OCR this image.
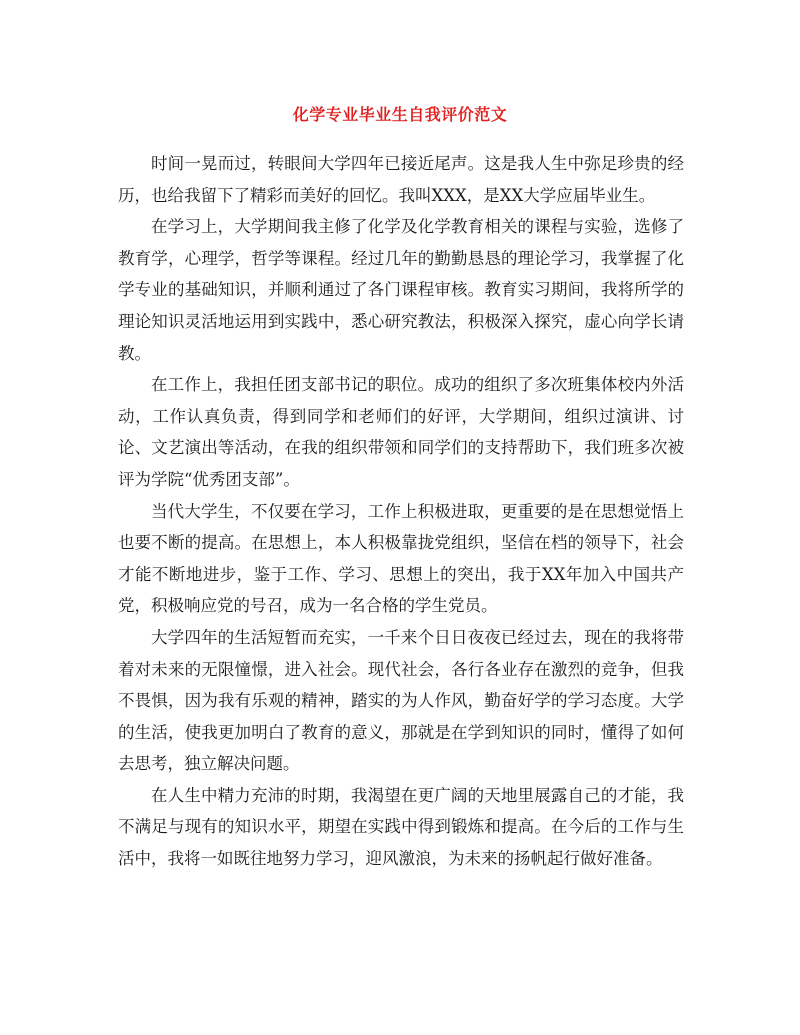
化学专业毕业生自我评价范文

时间一晃而过，转眼间大学四年已接近尾声。这是我人生中弥足珍贵的经历，也给我留下了精彩而美好的回忆。我叫XXX，是XX大学应届毕业生。

在学习上，大学期间我主修了化学及化学教育相关的课程与实验，选修了教育学，心理学，哲学等课程。经过几年的勤勤恳恳的理论学习，我掌握了化学专业的基础知识，并顺利通过了各门课程审核。教育实习期间，我将所学的理论知识灵活地运用到实践中，悉心研究教法，积极深入探究，虚心向学长请教。

在工作上，我担任团支部书记的职位。成功的组织了多次班集体校内外活动，工作认真负责，得到同学和老师们的好评，大学期间，组织过演讲、讨论、文艺演出等活动，在我的组织带领和同学们的支持帮助下，我们班多次被评为学院“优秀团支部”。

当代大学生，不仅要在学习，工作上积极进取，更重要的是在思想觉悟上也要不断的提高。在思想上，本人积极靠拢党组织，坚信在档的领导下，社会才能不断地进步，鉴于工作、学习、思想上的突出，我于XX年加入中国共产党，积极响应党的号召，成为一名合格的学生党员。

大学四年的生活短暂而充实，一千来个日日夜夜已经过去，现在的我将带着对未来的无限憧憬，进入社会。现代社会，各行各业存在激烈的竞争，但我不畏惧，因为我有乐观的精神，踏实的为人作风，勤奋好学的学习态度。大学的生活，使我更加明白了教育的意义，那就是在学到知识的同时，懂得了如何去思考，独立解决问题。

在人生中精力充沛的时期，我渴望在更广阔的天地里展露自己的才能，我不满足与现有的知识水平，期望在实践中得到锻炼和提高。在今后的工作与生活中，我将一如既往地努力学习，迎风激浪，为未来的扬帆起行做好准备。
